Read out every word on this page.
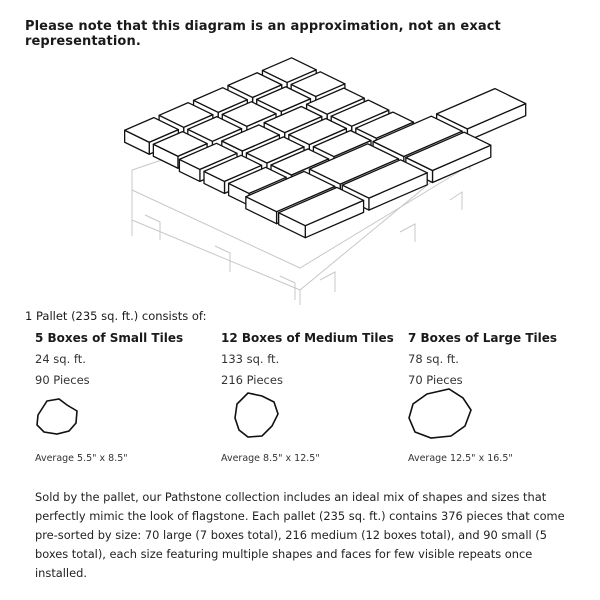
Please note that this diagram is an approximation, not an exact representation.
1 Pallet (235 sq. ft.) consists of:
5 Boxes of Small Tiles
24 sq. ft.
90 Pieces
12 Boxes of Medium Tiles
133 sq. ft.
216 Pieces
7 Boxes of Large Tiles
78 sq. ft.
70 Pieces
Average 5.5" x 8.5"	Average 8.5" x 12.5"	Average 12.5" x 16.5"
Sold by the pallet, our Pathstone collection includes an ideal mix of shapes and sizes that perfectly mimic the look of flagstone. Each pallet (235 sq. ft.) contains 376 pieces that come pre-sorted by size: 70 large (7 boxes total), 216 medium (12 boxes total), and 90 small (5 boxes total), each size featuring multiple shapes and faces for few visible repeats once installed.
